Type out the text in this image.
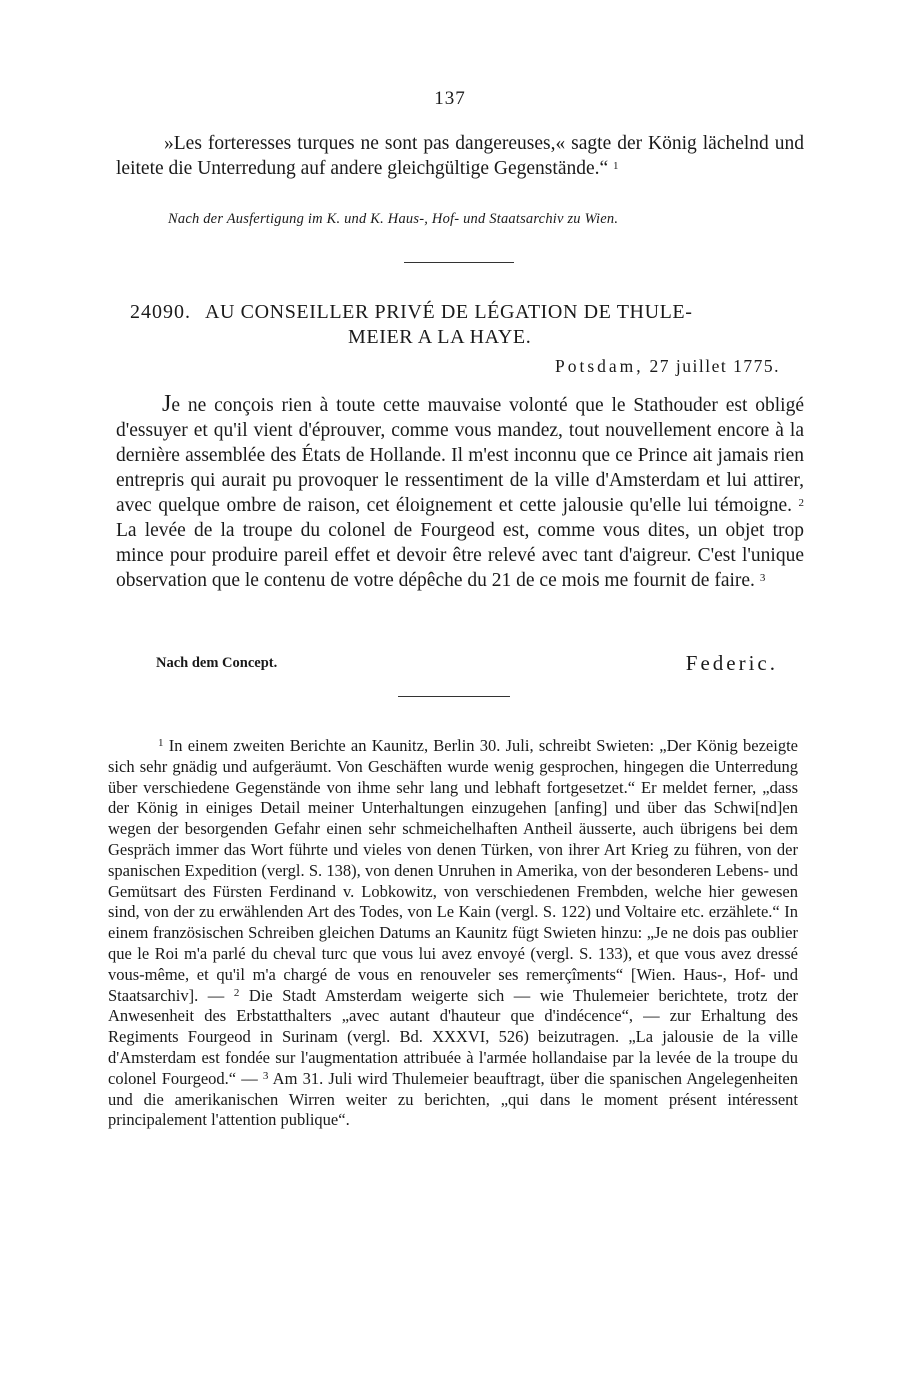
137
»Les forteresses turques ne sont pas dangereuses,« sagte der König lächelnd und leitete die Unterredung auf andere gleichgültige Gegenstände.“ $^1$
Nach der Ausfertigung im K. und K. Haus-, Hof- und Staatsarchiv zu Wien.
24090. AU CONSEILLER PRIVÉ DE LÉGATION DE THULE-
MEIER A LA HAYE.
Potsdam, 27 juillet 1775.
Je ne conçois rien à toute cette mauvaise volonté que le Stathouder est obligé d'essuyer et qu'il vient d'éprouver, comme vous mandez, tout nouvellement encore à la dernière assemblée des États de Hollande. Il m'est inconnu que ce Prince ait jamais rien entrepris qui aurait pu provoquer le ressentiment de la ville d'Amsterdam et lui attirer, avec quelque ombre de raison, cet éloignement et cette jalousie qu'elle lui témoigne. $^2$ La levée de la troupe du colonel de Fourgeod est, comme vous dites, un objet trop mince pour produire pareil effet et devoir être relevé avec tant d'aigreur. C'est l'unique observation que le contenu de votre dépêche du 21 de ce mois me fournit de faire. $^3$
Nach dem Concept.	Federic.
$^1$ In einem zweiten Berichte an Kaunitz, Berlin 30. Juli, schreibt Swieten: „Der König bezeigte sich sehr gnädig und aufgeräumt. Von Geschäften wurde wenig gesprochen, hingegen die Unterredung über verschiedene Gegenstände von ihme sehr lang und lebhaft fortgesetzet.“ Er meldet ferner, „dass der König in einiges Detail meiner Unterhaltungen einzugehen [anfing] und über das Schwi[nd]en wegen der besorgenden Gefahr einen sehr schmeichelhaften Antheil äusserte, auch übrigens bei dem Gespräch immer das Wort führte und vieles von denen Türken, von ihrer Art Krieg zu führen, von der spanischen Expedition (vergl. S. 138), von denen Unruhen in Amerika, von der besonderen Lebens- und Gemütsart des Fürsten Ferdinand v. Lobkowitz, von verschiedenen Frembden, welche hier gewesen sind, von der zu erwählenden Art des Todes, von Le Kain (vergl. S. 122) und Voltaire etc. erzählete.“ In einem französischen Schreiben gleichen Datums an Kaunitz fügt Swieten hinzu: „Je ne dois pas oublier que le Roi m'a parlé du cheval turc que vous lui avez envoyé (vergl. S. 133), et que vous avez dressé vous-même, et qu'il m'a chargé de vous en renouveler ses remerçîments“ [Wien. Haus-, Hof- und Staatsarchiv]. — $^2$ Die Stadt Amsterdam weigerte sich — wie Thulemeier berichtete, trotz der Anwesenheit des Erbstatthalters „avec autant d'hauteur que d'indécence“, — zur Erhaltung des Regiments Fourgeod in Surinam (vergl. Bd. XXXVI, 526) beizutragen. „La jalousie de la ville d'Amsterdam est fondée sur l'augmentation attribuée à l'armée hollandaise par la levée de la troupe du colonel Fourgeod.“ — $^3$ Am 31. Juli wird Thulemeier beauftragt, über die spanischen Angelegenheiten und die amerikanischen Wirren weiter zu berichten, „qui dans le moment présent intéressent principalement l'attention publique“.
